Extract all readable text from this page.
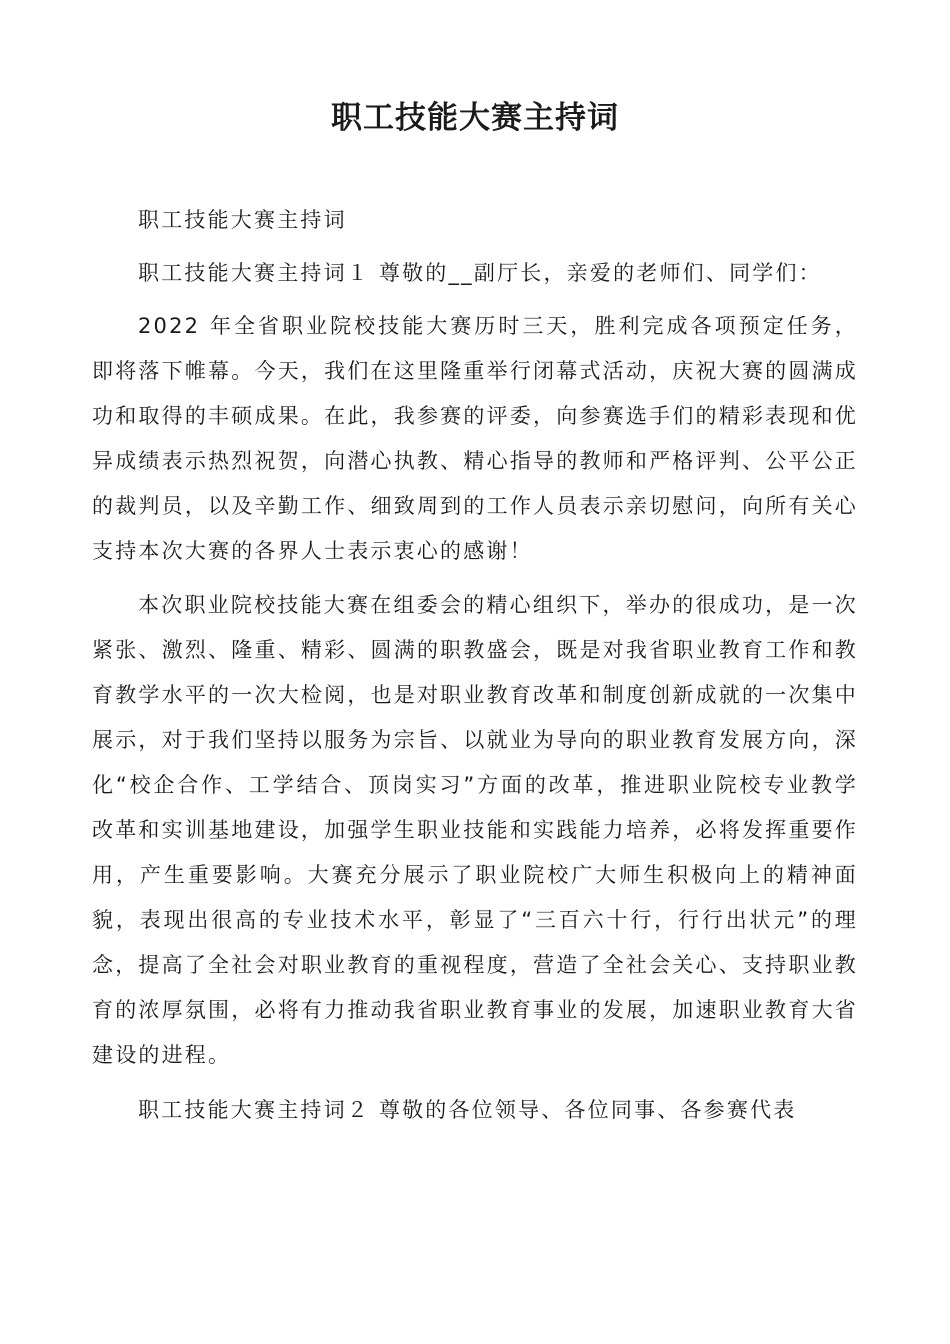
职工技能大赛主持词

职工技能大赛主持词

职工技能大赛主持词１ 尊敬的__副厅长，亲爱的老师们、同学们：

2022 年全省职业院校技能大赛历时三天，胜利完成各项预定任务，即将落下帷幕。今天，我们在这里隆重举行闭幕式活动，庆祝大赛的圆满成功和取得的丰硕成果。在此，我参赛的评委，向参赛选手们的精彩表现和优异成绩表示热烈祝贺，向潜心执教、精心指导的教师和严格评判、公平公正的裁判员，以及辛勤工作、细致周到的工作人员表示亲切慰问，向所有关心支持本次大赛的各界人士表示衷心的感谢！

本次职业院校技能大赛在组委会的精心组织下，举办的很成功，是一次紧张、激烈、隆重、精彩、圆满的职教盛会，既是对我省职业教育工作和教育教学水平的一次大检阅，也是对职业教育改革和制度创新成就的一次集中展示，对于我们坚持以服务为宗旨、以就业为导向的职业教育发展方向，深化“校企合作、工学结合、顶岗实习”方面的改革，推进职业院校专业教学改革和实训基地建设，加强学生职业技能和实践能力培养，必将发挥重要作用，产生重要影响。大赛充分展示了职业院校广大师生积极向上的精神面貌，表现出很高的专业技术水平，彰显了“三百六十行，行行出状元”的理念，提高了全社会对职业教育的重视程度，营造了全社会关心、支持职业教育的浓厚氛围，必将有力推动我省职业教育事业的发展，加速职业教育大省建设的进程。

职工技能大赛主持词２ 尊敬的各位领导、各位同事、各参赛代表
